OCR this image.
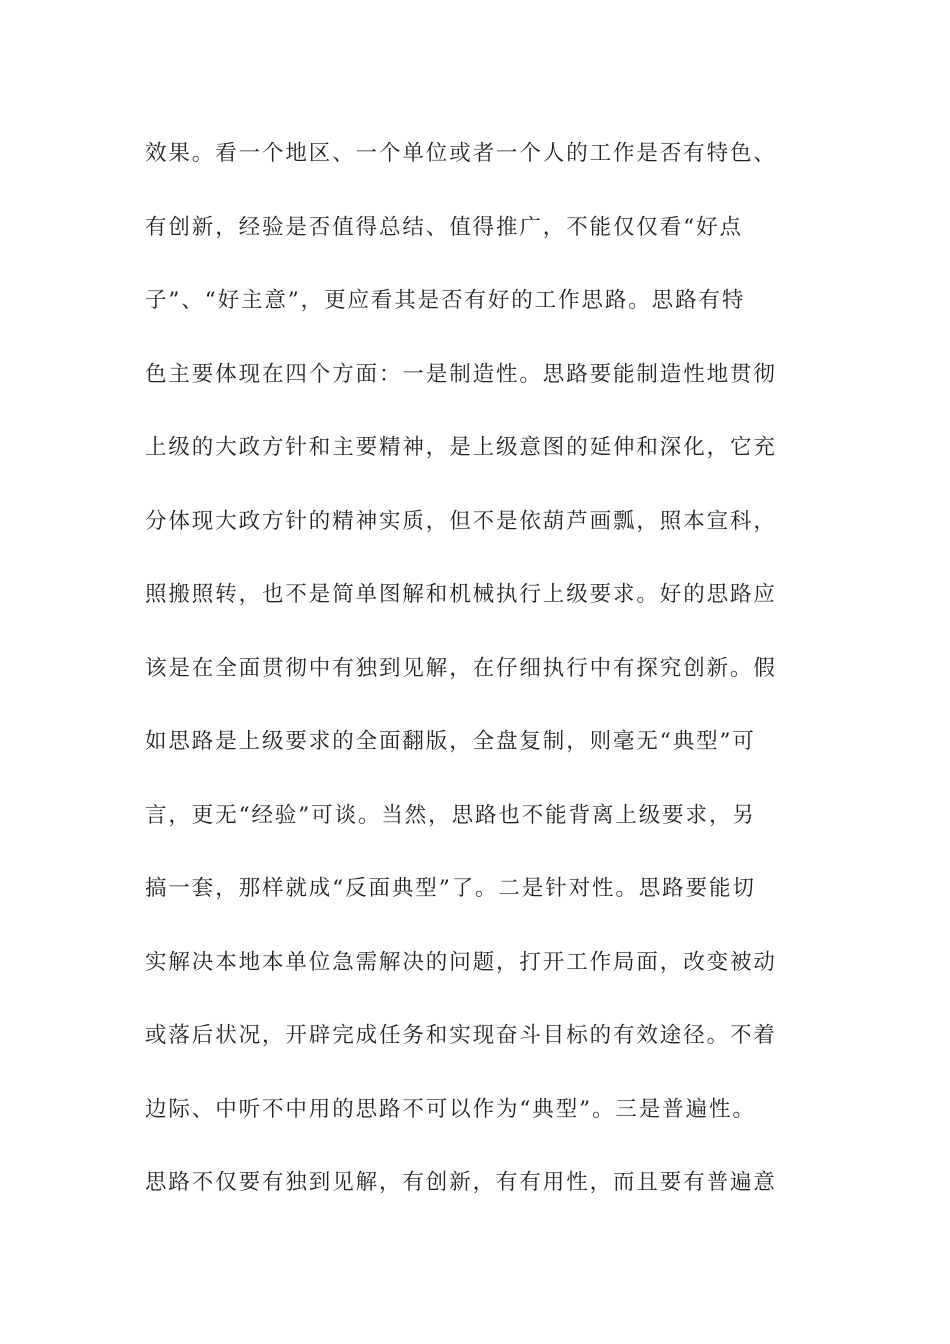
效果。看一个地区、一个单位或者一个人的工作是否有特色、
有创新，经验是否值得总结、值得推广，不能仅仅看“好点
子”、“好主意”，更应看其是否有好的工作思路。思路有特
色主要体现在四个方面：一是制造性。思路要能制造性地贯彻
上级的大政方针和主要精神，是上级意图的延伸和深化，它充
分体现大政方针的精神实质，但不是依葫芦画瓢，照本宣科，
照搬照转，也不是简单图解和机械执行上级要求。好的思路应
该是在全面贯彻中有独到见解，在仔细执行中有探究创新。假
如思路是上级要求的全面翻版，全盘复制，则毫无“典型”可
言，更无“经验”可谈。当然，思路也不能背离上级要求，另
搞一套，那样就成“反面典型”了。二是针对性。思路要能切
实解决本地本单位急需解决的问题，打开工作局面，改变被动
或落后状况，开辟完成任务和实现奋斗目标的有效途径。不着
边际、中听不中用的思路不可以作为“典型”。三是普遍性。
思路不仅要有独到见解，有创新，有有用性，而且要有普遍意
